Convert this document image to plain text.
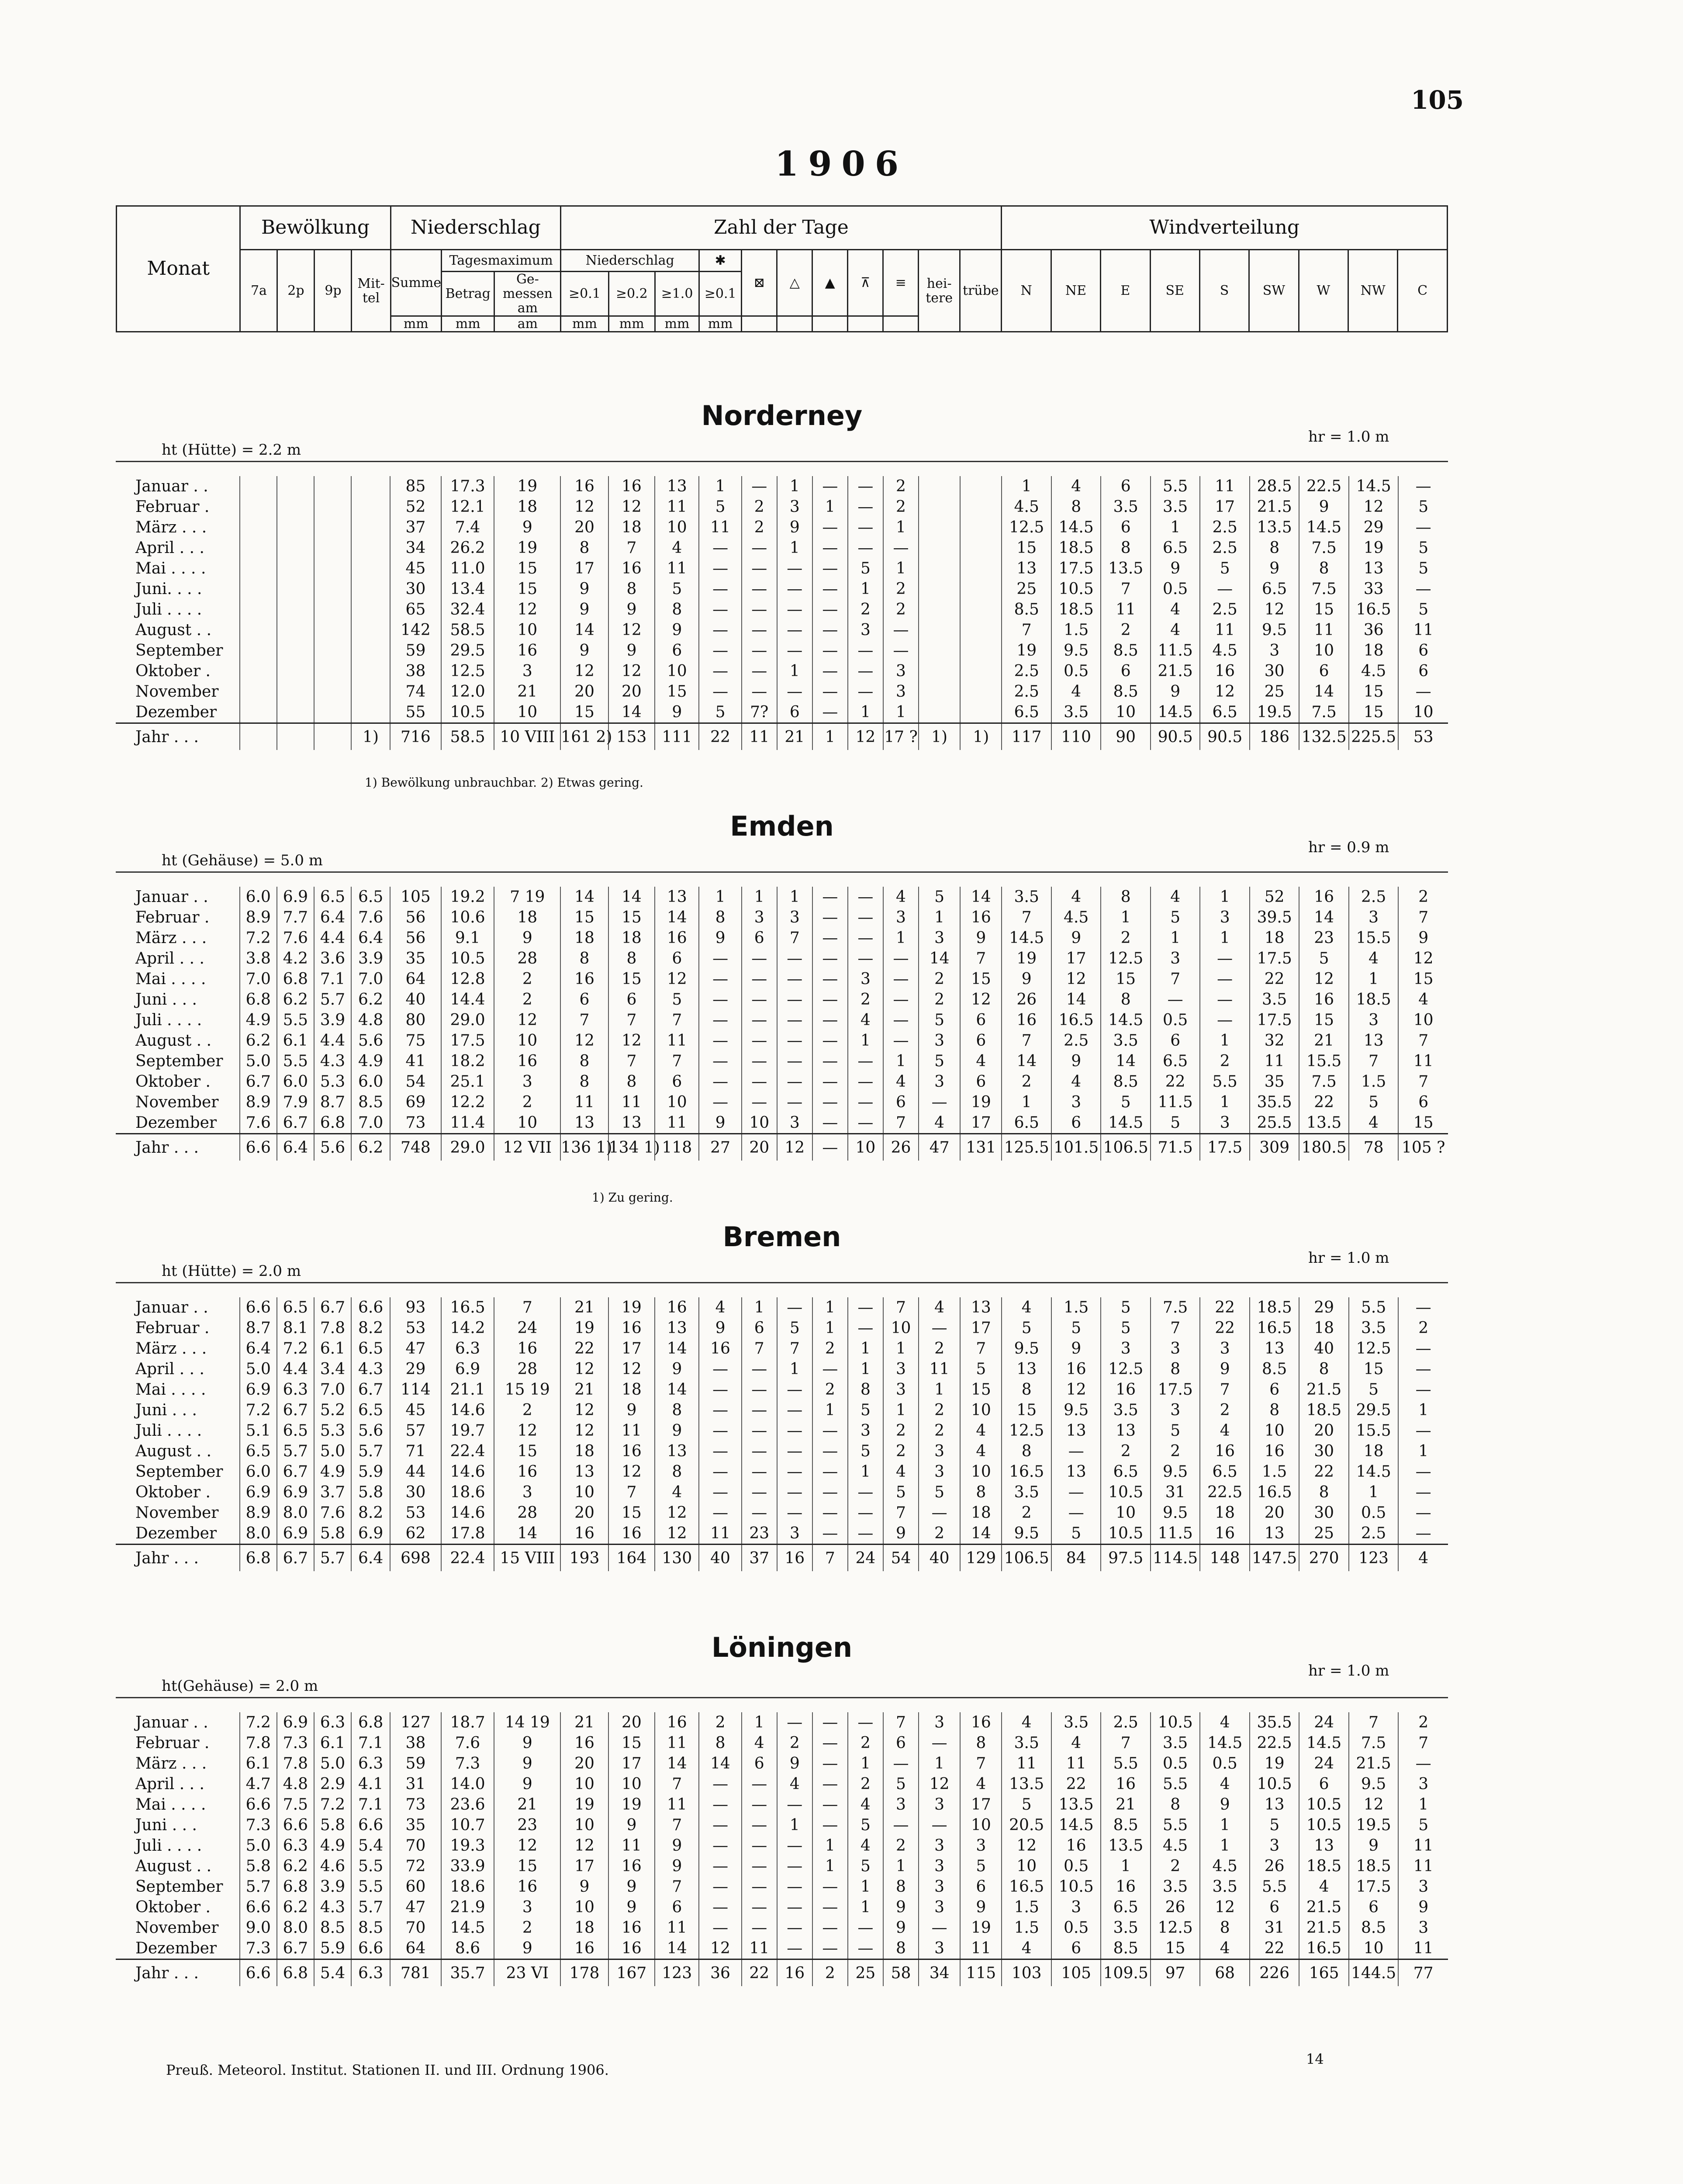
105
1906
Monat	Bewölkung				Niederschlag			Zahl der Tage											Windverteilung								
	7a	2p	9p	Mit-tel	Summe	Tagesmaximum		Niederschlag			✱	⊠	△	▲	⊼	≡	hei-tere	trübe	N	NE	E	SE	S	SW	W	NW	C
						Betrag	Ge-messen am	≥0.1	≥0.2	≥1.0	≥0.1																
					mm	mm	am	mm	mm	mm	mm																
Norderney
ht (Hütte) = 2.2 m
hr = 1.0 m
Januar . .					85	17.3	19	16	16	13	1	—	1	—	—	2			1	4	6	5.5	11	28.5	22.5	14.5	—
Februar .					52	12.1	18	12	12	11	5	2	3	1	—	2			4.5	8	3.5	3.5	17	21.5	9	12	5
März . . .					37	7.4	9	20	18	10	11	2	9	—	—	1			12.5	14.5	6	1	2.5	13.5	14.5	29	—
April . . .					34	26.2	19	8	7	4	—	—	1	—	—	—			15	18.5	8	6.5	2.5	8	7.5	19	5
Mai . . . .					45	11.0	15	17	16	11	—	—	—	—	5	1			13	17.5	13.5	9	5	9	8	13	5
Juni. . . .					30	13.4	15	9	8	5	—	—	—	—	1	2			25	10.5	7	0.5	—	6.5	7.5	33	—
Juli . . . .					65	32.4	12	9	9	8	—	—	—	—	2	2			8.5	18.5	11	4	2.5	12	15	16.5	5
August . .					142	58.5	10	14	12	9	—	—	—	—	3	—			7	1.5	2	4	11	9.5	11	36	11
September					59	29.5	16	9	9	6	—	—	—	—	—	—			19	9.5	8.5	11.5	4.5	3	10	18	6
Oktober .					38	12.5	3	12	12	10	—	—	1	—	—	3			2.5	0.5	6	21.5	16	30	6	4.5	6
November					74	12.0	21	20	20	15	—	—	—	—	—	3			2.5	4	8.5	9	12	25	14	15	—
Dezember					55	10.5	10	15	14	9	5	7?	6	—	1	1			6.5	3.5	10	14.5	6.5	19.5	7.5	15	10
Jahr . . .				1)	716	58.5	10 VIII	161 2)	153	111	22	11	21	1	12	17 ?	1)	1)	117	110	90	90.5	90.5	186	132.5	225.5	53
1) Bewölkung unbrauchbar. 2) Etwas gering.
Emden
ht (Gehäuse) = 5.0 m
hr = 0.9 m
Januar . .	6.0	6.9	6.5	6.5	105	19.2	7 19	14	14	13	1	1	1	—	—	4	5	14	3.5	4	8	4	1	52	16	2.5	2
Februar .	8.9	7.7	6.4	7.6	56	10.6	18	15	15	14	8	3	3	—	—	3	1	16	7	4.5	1	5	3	39.5	14	3	7
März . . .	7.2	7.6	4.4	6.4	56	9.1	9	18	18	16	9	6	7	—	—	1	3	9	14.5	9	2	1	1	18	23	15.5	9
April . . .	3.8	4.2	3.6	3.9	35	10.5	28	8	8	6	—	—	—	—	—	—	14	7	19	17	12.5	3	—	17.5	5	4	12
Mai . . . .	7.0	6.8	7.1	7.0	64	12.8	2	16	15	12	—	—	—	—	3	—	2	15	9	12	15	7	—	22	12	1	15
Juni . . .	6.8	6.2	5.7	6.2	40	14.4	2	6	6	5	—	—	—	—	2	—	2	12	26	14	8	—	—	3.5	16	18.5	4
Juli . . . .	4.9	5.5	3.9	4.8	80	29.0	12	7	7	7	—	—	—	—	4	—	5	6	16	16.5	14.5	0.5	—	17.5	15	3	10
August . .	6.2	6.1	4.4	5.6	75	17.5	10	12	12	11	—	—	—	—	1	—	3	6	7	2.5	3.5	6	1	32	21	13	7
September	5.0	5.5	4.3	4.9	41	18.2	16	8	7	7	—	—	—	—	—	1	5	4	14	9	14	6.5	2	11	15.5	7	11
Oktober .	6.7	6.0	5.3	6.0	54	25.1	3	8	8	6	—	—	—	—	—	4	3	6	2	4	8.5	22	5.5	35	7.5	1.5	7
November	8.9	7.9	8.7	8.5	69	12.2	2	11	11	10	—	—	—	—	—	6	—	19	1	3	5	11.5	1	35.5	22	5	6
Dezember	7.6	6.7	6.8	7.0	73	11.4	10	13	13	11	9	10	3	—	—	7	4	17	6.5	6	14.5	5	3	25.5	13.5	4	15
Jahr . . .	6.6	6.4	5.6	6.2	748	29.0	12 VII	136 1)	134 1)	118	27	20	12	—	10	26	47	131	125.5	101.5	106.5	71.5	17.5	309	180.5	78	105 ?
1) Zu gering.
Bremen
ht (Hütte) = 2.0 m
hr = 1.0 m
Januar . .	6.6	6.5	6.7	6.6	93	16.5	7	21	19	16	4	1	—	1	—	7	4	13	4	1.5	5	7.5	22	18.5	29	5.5	—
Februar .	8.7	8.1	7.8	8.2	53	14.2	24	19	16	13	9	6	5	1	—	10	—	17	5	5	5	7	22	16.5	18	3.5	2
März . . .	6.4	7.2	6.1	6.5	47	6.3	16	22	17	14	16	7	7	2	1	1	2	7	9.5	9	3	3	3	13	40	12.5	—
April . . .	5.0	4.4	3.4	4.3	29	6.9	28	12	12	9	—	—	1	—	1	3	11	5	13	16	12.5	8	9	8.5	8	15	—
Mai . . . .	6.9	6.3	7.0	6.7	114	21.1	15 19	21	18	14	—	—	—	2	8	3	1	15	8	12	16	17.5	7	6	21.5	5	—
Juni . . .	7.2	6.7	5.2	6.5	45	14.6	2	12	9	8	—	—	—	1	5	1	2	10	15	9.5	3.5	3	2	8	18.5	29.5	1
Juli . . . .	5.1	6.5	5.3	5.6	57	19.7	12	12	11	9	—	—	—	—	3	2	2	4	12.5	13	13	5	4	10	20	15.5	—
August . .	6.5	5.7	5.0	5.7	71	22.4	15	18	16	13	—	—	—	—	5	2	3	4	8	—	2	2	16	16	30	18	1
September	6.0	6.7	4.9	5.9	44	14.6	16	13	12	8	—	—	—	—	1	4	3	10	16.5	13	6.5	9.5	6.5	1.5	22	14.5	—
Oktober .	6.9	6.9	3.7	5.8	30	18.6	3	10	7	4	—	—	—	—	—	5	5	8	3.5	—	10.5	31	22.5	16.5	8	1	—
November	8.9	8.0	7.6	8.2	53	14.6	28	20	15	12	—	—	—	—	—	7	—	18	2	—	10	9.5	18	20	30	0.5	—
Dezember	8.0	6.9	5.8	6.9	62	17.8	14	16	16	12	11	23	3	—	—	9	2	14	9.5	5	10.5	11.5	16	13	25	2.5	—
Jahr . . .	6.8	6.7	5.7	6.4	698	22.4	15 VIII	193	164	130	40	37	16	7	24	54	40	129	106.5	84	97.5	114.5	148	147.5	270	123	4
Löningen
ht(Gehäuse) = 2.0 m
hr = 1.0 m
Januar . .	7.2	6.9	6.3	6.8	127	18.7	14 19	21	20	16	2	1	—	—	—	7	3	16	4	3.5	2.5	10.5	4	35.5	24	7	2
Februar .	7.8	7.3	6.1	7.1	38	7.6	9	16	15	11	8	4	2	—	2	6	—	8	3.5	4	7	3.5	14.5	22.5	14.5	7.5	7
März . . .	6.1	7.8	5.0	6.3	59	7.3	9	20	17	14	14	6	9	—	1	—	1	7	11	11	5.5	0.5	0.5	19	24	21.5	—
April . . .	4.7	4.8	2.9	4.1	31	14.0	9	10	10	7	—	—	4	—	2	5	12	4	13.5	22	16	5.5	4	10.5	6	9.5	3
Mai . . . .	6.6	7.5	7.2	7.1	73	23.6	21	19	19	11	—	—	—	—	4	3	3	17	5	13.5	21	8	9	13	10.5	12	1
Juni . . .	7.3	6.6	5.8	6.6	35	10.7	23	10	9	7	—	—	1	—	5	—	—	10	20.5	14.5	8.5	5.5	1	5	10.5	19.5	5
Juli . . . .	5.0	6.3	4.9	5.4	70	19.3	12	12	11	9	—	—	—	1	4	2	3	3	12	16	13.5	4.5	1	3	13	9	11
August . .	5.8	6.2	4.6	5.5	72	33.9	15	17	16	9	—	—	—	1	5	1	3	5	10	0.5	1	2	4.5	26	18.5	18.5	11
September	5.7	6.8	3.9	5.5	60	18.6	16	9	9	7	—	—	—	—	1	8	3	6	16.5	10.5	16	3.5	3.5	5.5	4	17.5	3
Oktober .	6.6	6.2	4.3	5.7	47	21.9	3	10	9	6	—	—	—	—	1	9	3	9	1.5	3	6.5	26	12	6	21.5	6	9
November	9.0	8.0	8.5	8.5	70	14.5	2	18	16	11	—	—	—	—	—	9	—	19	1.5	0.5	3.5	12.5	8	31	21.5	8.5	3
Dezember	7.3	6.7	5.9	6.6	64	8.6	9	16	16	14	12	11	—	—	—	8	3	11	4	6	8.5	15	4	22	16.5	10	11
Jahr . . .	6.6	6.8	5.4	6.3	781	35.7	23 VI	178	167	123	36	22	16	2	25	58	34	115	103	105	109.5	97	68	226	165	144.5	77
Preuß. Meteorol. Institut. Stationen II. und III. Ordnung 1906.
14
